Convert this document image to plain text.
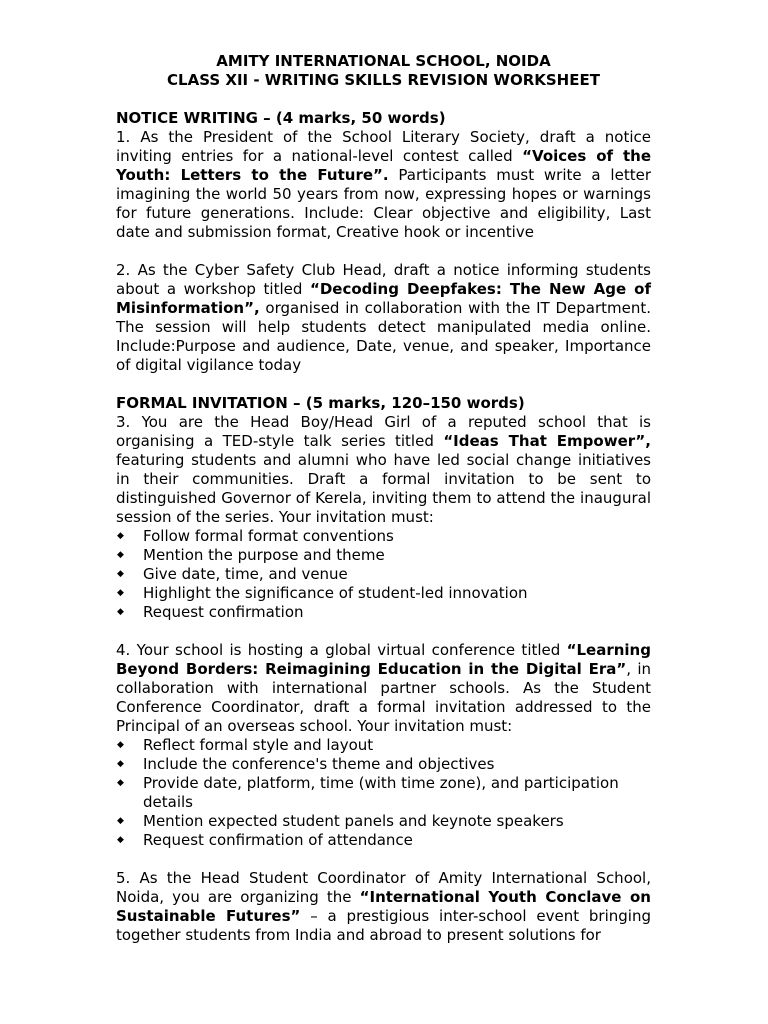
AMITY INTERNATIONAL SCHOOL, NOIDA

CLASS XII - WRITING SKILLS REVISION WORKSHEET

NOTICE WRITING – (4 marks, 50 words)

1. As the President of the School Literary Society, draft a notice inviting entries for a national-level contest called “Voices of the Youth: Letters to the Future”. Participants must write a letter imagining the world 50 years from now, expressing hopes or warnings for future generations. Include: Clear objective and eligibility, Last date and submission format, Creative hook or incentive

2. As the Cyber Safety Club Head, draft a notice informing students about a workshop titled “Decoding Deepfakes: The New Age of Misinformation”, organised in collaboration with the IT Department. The session will help students detect manipulated media online. Include:Purpose and audience, Date, venue, and speaker, Importance of digital vigilance today

FORMAL INVITATION – (5 marks, 120–150 words)

3. You are the Head Boy/Head Girl of a reputed school that is organising a TED-style talk series titled “Ideas That Empower”, featuring students and alumni who have led social change initiatives in their communities. Draft a formal invitation to be sent to distinguished Governor of Kerela, inviting them to attend the inaugural session of the series. Your invitation must:

◆ Follow formal format conventions
◆ Mention the purpose and theme
◆ Give date, time, and venue
◆ Highlight the significance of student-led innovation
◆ Request confirmation

4. Your school is hosting a global virtual conference titled “Learning Beyond Borders: Reimagining Education in the Digital Era”, in collaboration with international partner schools. As the Student Conference Coordinator, draft a formal invitation addressed to the Principal of an overseas school. Your invitation must:

◆ Reflect formal style and layout
◆ Include the conference's theme and objectives
◆ Provide date, platform, time (with time zone), and participation details
◆ Mention expected student panels and keynote speakers
◆ Request confirmation of attendance

5. As the Head Student Coordinator of Amity International School, Noida, you are organizing the “International Youth Conclave on Sustainable Futures” – a prestigious inter-school event bringing together students from India and abroad to present solutions for
